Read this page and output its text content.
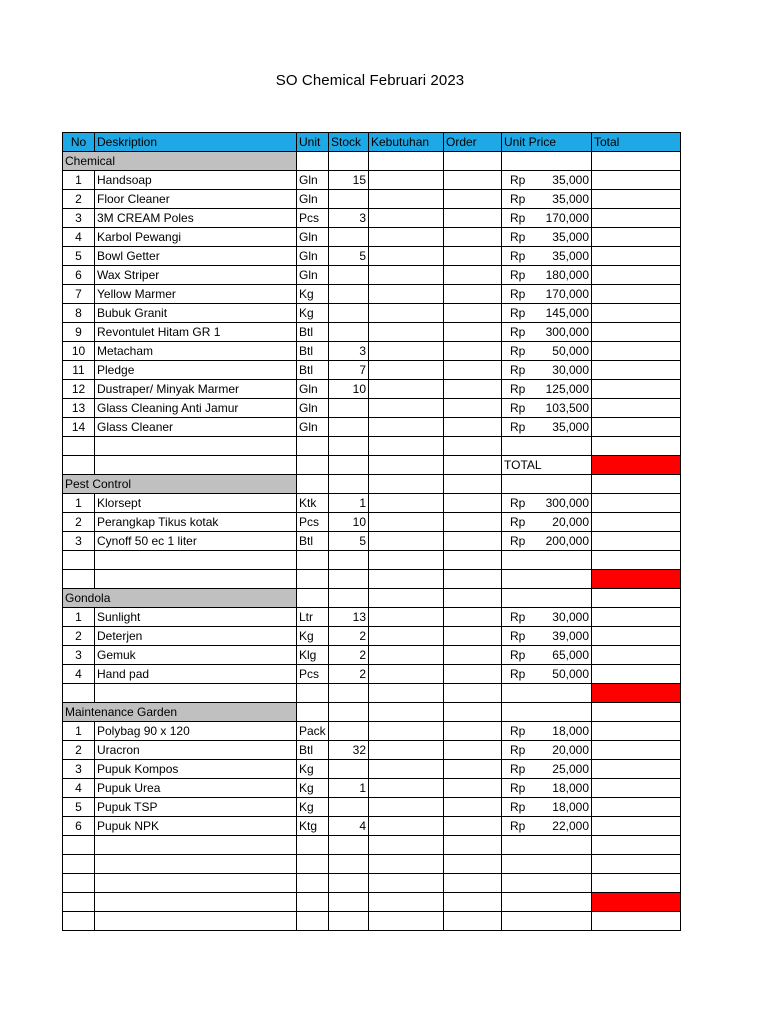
SO Chemical Februari 2023
No	Deskription	Unit	Stock	Kebutuhan	Order	Unit Price	Total
Chemical							
1	Handsoap	Gln	15			Rp 35,000	

2	Floor Cleaner	Gln				Rp 35,000	

3	3M CREAM Poles	Pcs	3			Rp 170,000	

4	Karbol Pewangi	Gln				Rp 35,000	

5	Bowl Getter	Gln	5			Rp 35,000	

6	Wax Striper	Gln				Rp 180,000	

7	Yellow Marmer	Kg				Rp 170,000	

8	Bubuk Granit	Kg				Rp 145,000	

9	Revontulet Hitam GR 1	Btl				Rp 300,000	

10	Metacham	Btl	3			Rp 50,000	

11	Pledge	Btl	7			Rp 30,000	

12	Dustraper/ Minyak Marmer	Gln	10			Rp 125,000	

13	Glass Cleaning Anti Jamur	Gln				Rp 103,500	

14	Glass Cleaner	Gln				Rp 35,000	

						TOTAL	
Pest Control							
1	Klorsept	Ktk	1			Rp 300,000	

2	Perangkap Tikus kotak	Pcs	10			Rp 20,000	

3	Cynoff 50 ec 1 liter	Btl	5			Rp 200,000	

Gondola							
1	Sunlight	Ltr	13			Rp 30,000	

2	Deterjen	Kg	2			Rp 39,000	

3	Gemuk	Klg	2			Rp 65,000	

4	Hand pad	Pcs	2			Rp 50,000	

Maintenance Garden							
1	Polybag 90 x 120	Pack				Rp 18,000	

2	Uracron	Btl	32			Rp 20,000	

3	Pupuk Kompos	Kg				Rp 25,000	

4	Pupuk Urea	Kg	1			Rp 18,000	

5	Pupuk TSP	Kg				Rp 18,000	

6	Pupuk NPK	Ktg	4			Rp 22,000	
